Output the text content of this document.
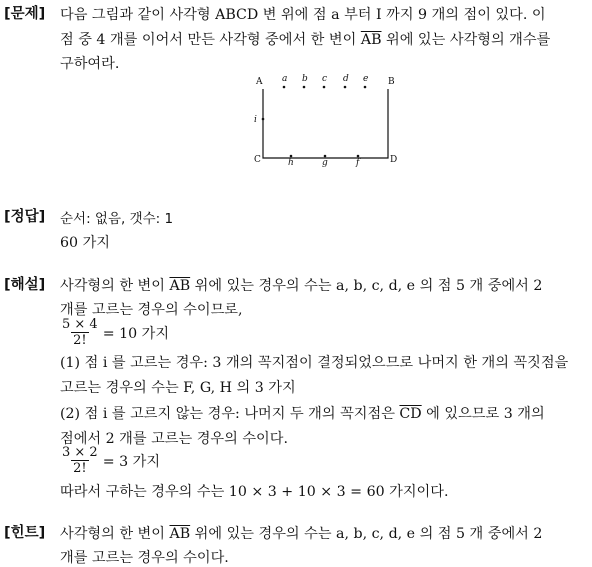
[문제] 다음 그림과 같이 사각형 ABCD 변 위에 점 a 부터 I 까지 9 개의 점이 있다. 이
점 중 4 개를 이어서 만든 사각형 중에서 한 변이 $\overline{AB}$ 위에 있는 사각형의 개수를
구하여라.
A	B
C	D
a b c d e
i
h	g	f
[정답] 순서: 없음, 갯수: 1
60 가지
[해설] 사각형의 한 변이 $\overline{AB}$ 위에 있는 경우의 수는 a, b, c, d, e 의 점 5 개 중에서 2
개를 고르는 경우의 수이므로,
$\frac{5 \times 4}{2!} = 10$ 가지
(1) 점 i 를 고르는 경우: 3 개의 꼭지점이 결정되었으므로 나머지 한 개의 꼭짓점을
고르는 경우의 수는 F, G, H 의 3 가지
(2) 점 i 를 고르지 않는 경우: 나머지 두 개의 꼭지점은 $\overline{CD}$ 에 있으므로 3 개의
점에서 2 개를 고르는 경우의 수이다.
$\frac{3 \times 2}{2!} = 3$ 가지
따라서 구하는 경우의 수는 10 × 3 + 10 × 3 = 60 가지이다.
[힌트] 사각형의 한 변이 $\overline{AB}$ 위에 있는 경우의 수는 a, b, c, d, e 의 점 5 개 중에서 2
개를 고르는 경우의 수이다.
